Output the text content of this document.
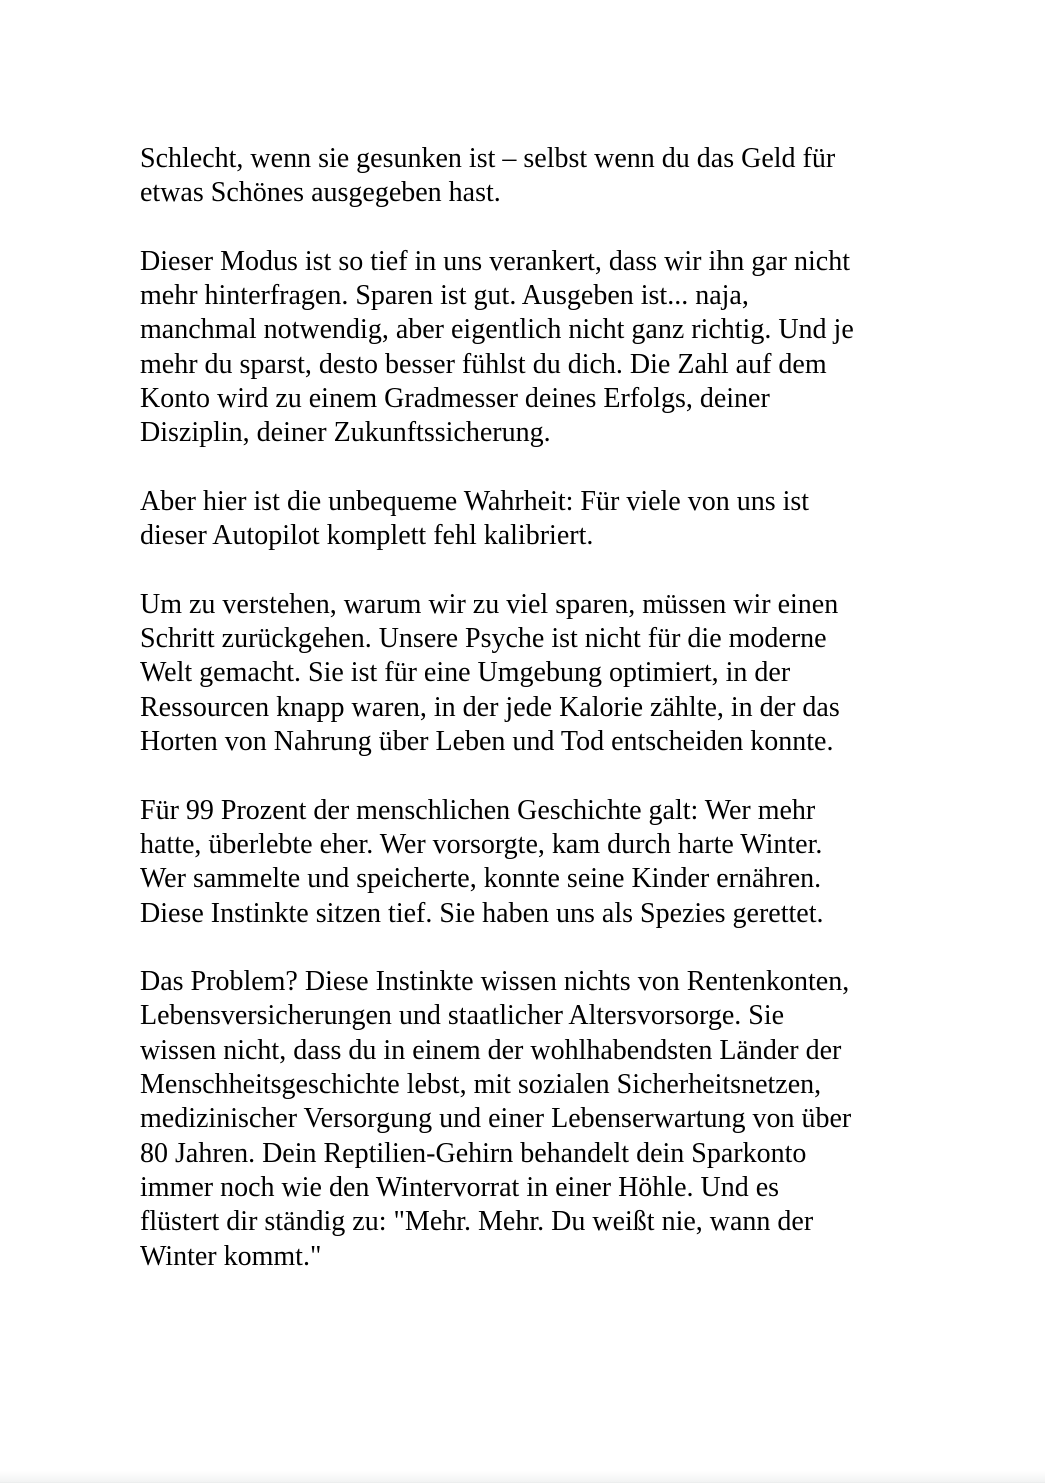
Schlecht, wenn sie gesunken ist – selbst wenn du das Geld für
etwas Schönes ausgegeben hast.
Dieser Modus ist so tief in uns verankert, dass wir ihn gar nicht
mehr hinterfragen. Sparen ist gut. Ausgeben ist... naja,
manchmal notwendig, aber eigentlich nicht ganz richtig. Und je
mehr du sparst, desto besser fühlst du dich. Die Zahl auf dem
Konto wird zu einem Gradmesser deines Erfolgs, deiner
Disziplin, deiner Zukunftssicherung.
Aber hier ist die unbequeme Wahrheit: Für viele von uns ist
dieser Autopilot komplett fehl kalibriert.
Um zu verstehen, warum wir zu viel sparen, müssen wir einen
Schritt zurückgehen. Unsere Psyche ist nicht für die moderne
Welt gemacht. Sie ist für eine Umgebung optimiert, in der
Ressourcen knapp waren, in der jede Kalorie zählte, in der das
Horten von Nahrung über Leben und Tod entscheiden konnte.
Für 99 Prozent der menschlichen Geschichte galt: Wer mehr
hatte, überlebte eher. Wer vorsorgte, kam durch harte Winter.
Wer sammelte und speicherte, konnte seine Kinder ernähren.
Diese Instinkte sitzen tief. Sie haben uns als Spezies gerettet.
Das Problem? Diese Instinkte wissen nichts von Rentenkonten,
Lebensversicherungen und staatlicher Altersvorsorge. Sie
wissen nicht, dass du in einem der wohlhabendsten Länder der
Menschheitsgeschichte lebst, mit sozialen Sicherheitsnetzen,
medizinischer Versorgung und einer Lebenserwartung von über
80 Jahren. Dein Reptilien-Gehirn behandelt dein Sparkonto
immer noch wie den Wintervorrat in einer Höhle. Und es
flüstert dir ständig zu: "Mehr. Mehr. Du weißt nie, wann der
Winter kommt."
